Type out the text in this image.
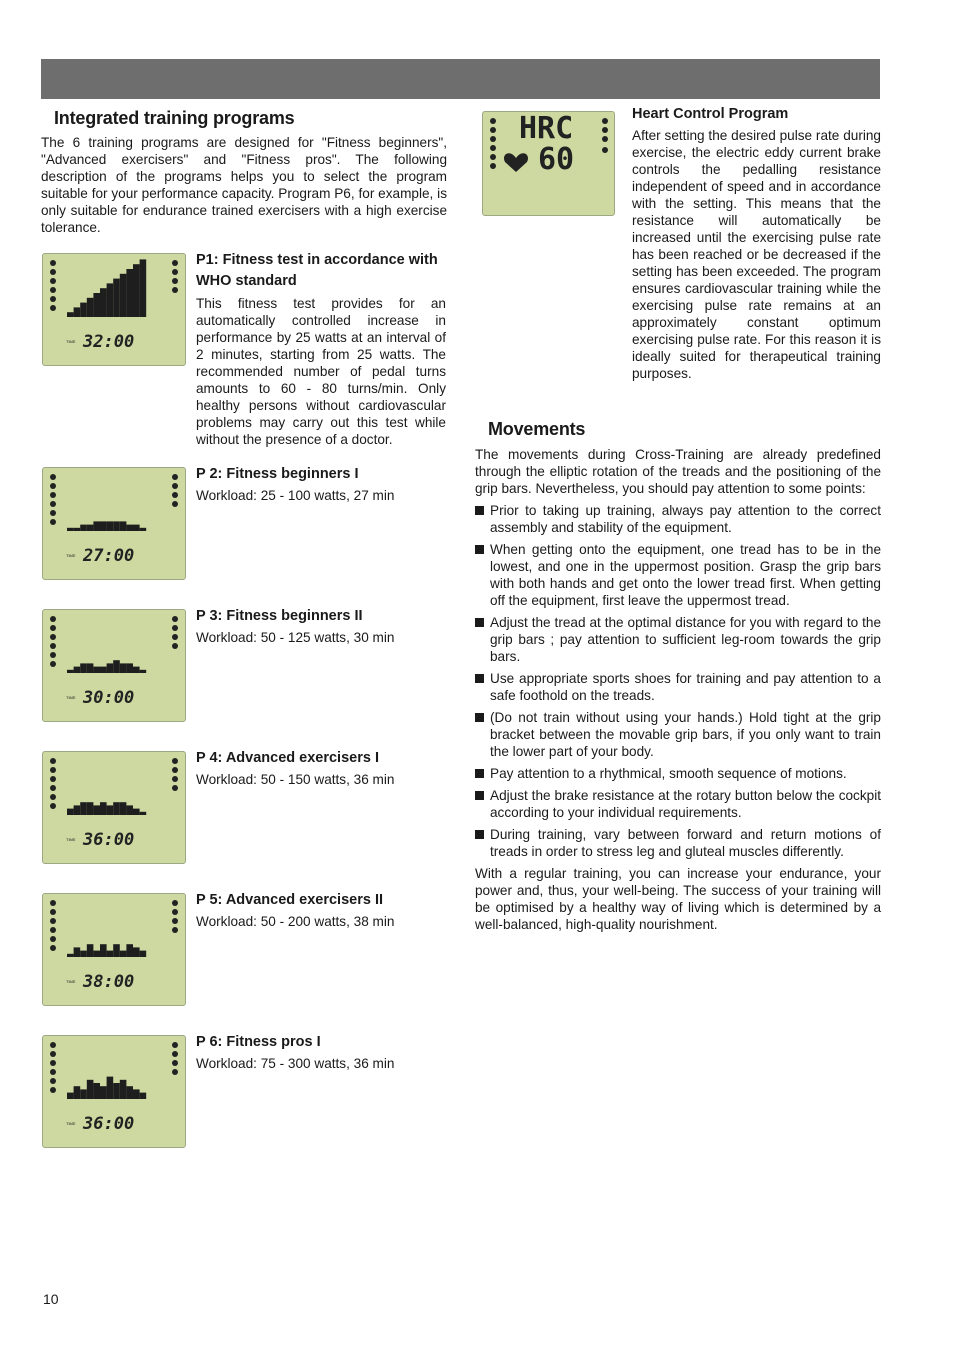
Integrated training programs

The 6 training programs are designed for "Fitness beginners", "Advanced exercisers" and "Fitness pros". The following description of the programs helps you to select the program suitable for your performance capacity. Program P6, for example, is only suitable for endurance trained exercisers with a high exercise tolerance.

TIME 32:00
P1: Fitness test in accordance with WHO standard

This fitness test provides for an automatically controlled increase in performance by 25 watts at an interval of 2 minutes, starting from 25 watts. The recommended number of pedal turns amounts to 60 - 80 turns/min. Only healthy persons without cardiovascular problems may carry out this test while without the presence of a doctor.

TIME 27:00
P 2: Fitness beginners I

Workload: 25 - 100 watts, 27 min

TIME 30:00
P 3: Fitness beginners II

Workload: 50 - 125 watts, 30 min

TIME 36:00
P 4: Advanced exercisers I

Workload: 50 - 150 watts, 36 min

TIME 38:00
P 5: Advanced exercisers II

Workload: 50 - 200 watts, 38 min

TIME 36:00
P 6: Fitness pros I

Workload: 75 - 300 watts, 36 min

HRC
60
Heart Control Program

After setting the desired pulse rate during exercise, the electric eddy current brake controls the pedalling resistance independent of speed and in accordance with the setting. This means that the resistance will automatically be increased until the exercising pulse rate has been reached or be decreased if the setting has been exceeded. The program ensures cardiovascular training while the exercising pulse rate remains at an approximately constant optimum exercising pulse rate. For this reason it is ideally suited for therapeutical training purposes.

Movements

The movements during Cross-Training are already predefined through the elliptic rotation of the treads and the positioning of the grip bars. Nevertheless, you should pay attention to some points:

Prior to taking up training, always pay attention to the correct assembly and stability of the equipment.
When getting onto the equipment, one tread has to be in the lowest, and one in the uppermost position. Grasp the grip bars with both hands and get onto the lower tread first. When getting off the equipment, first leave the uppermost tread.
Adjust the tread at the optimal distance for you with regard to the grip bars ; pay attention to sufficient leg-room towards the grip bars.
Use appropriate sports shoes for training and pay attention to a safe foothold on the treads.
(Do not train without using your hands.) Hold tight at the grip bracket between the movable grip bars, if you only want to train the lower part of your body.
Pay attention to a rhythmical, smooth sequence of motions.
Adjust the brake resistance at the rotary button below the cockpit according to your individual requirements.
During training, vary between forward and return motions of treads in order to stress leg and gluteal muscles differently.

With a regular training, you can increase your endurance, your power and, thus, your well-being. The success of your training will be optimised by a healthy way of living which is determined by a well-balanced, high-quality nourishment.

10
